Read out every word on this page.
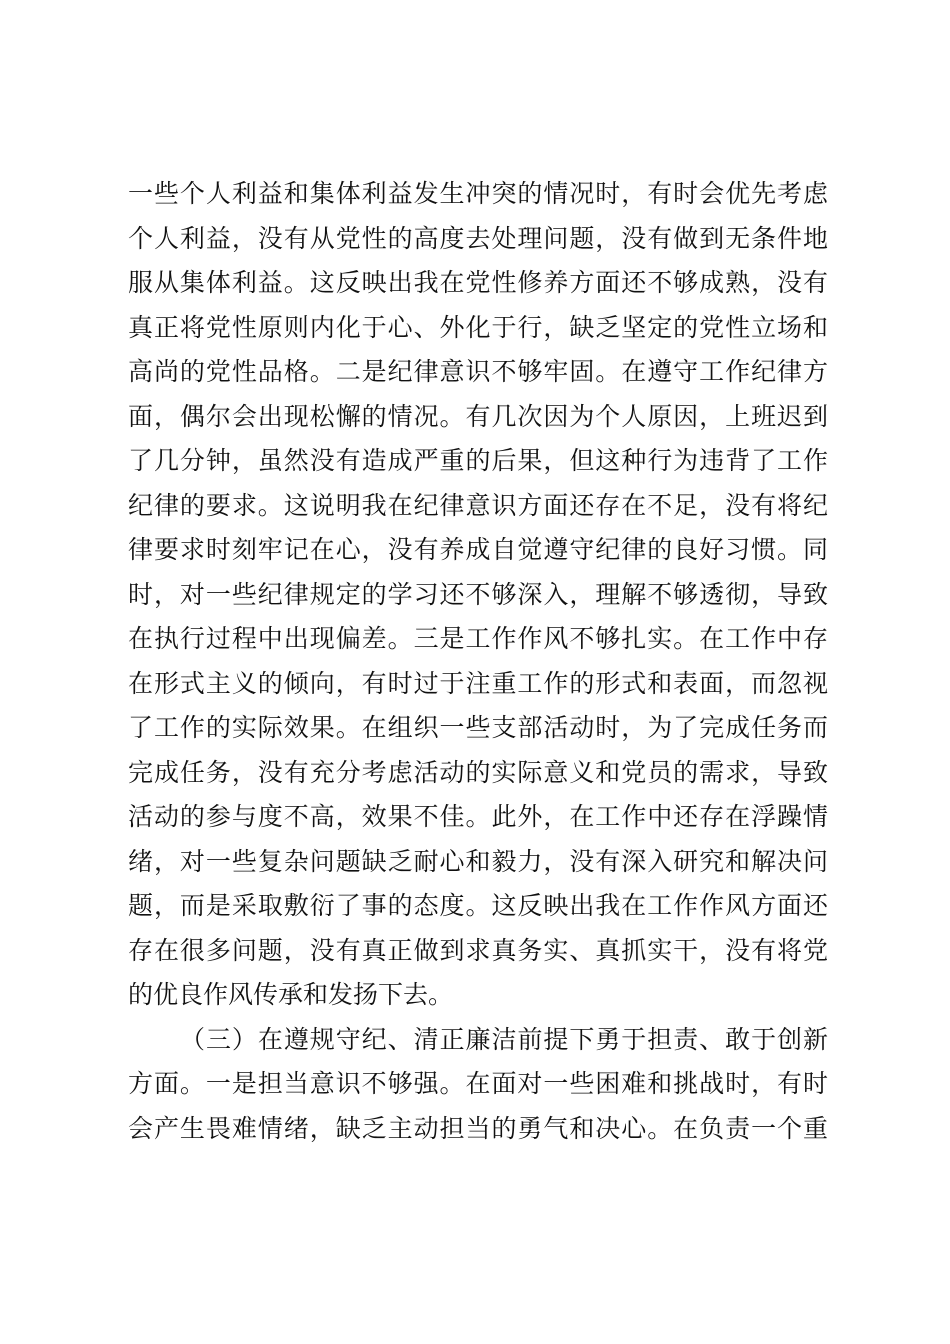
一些个人利益和集体利益发生冲突的情况时，有时会优先考虑
个人利益，没有从党性的高度去处理问题，没有做到无条件地
服从集体利益。这反映出我在党性修养方面还不够成熟，没有
真正将党性原则内化于心、外化于行，缺乏坚定的党性立场和
高尚的党性品格。二是纪律意识不够牢固。在遵守工作纪律方
面，偶尔会出现松懈的情况。有几次因为个人原因，上班迟到
了几分钟，虽然没有造成严重的后果，但这种行为违背了工作
纪律的要求。这说明我在纪律意识方面还存在不足，没有将纪
律要求时刻牢记在心，没有养成自觉遵守纪律的良好习惯。同
时，对一些纪律规定的学习还不够深入，理解不够透彻，导致
在执行过程中出现偏差。三是工作作风不够扎实。在工作中存
在形式主义的倾向，有时过于注重工作的形式和表面，而忽视
了工作的实际效果。在组织一些支部活动时，为了完成任务而
完成任务，没有充分考虑活动的实际意义和党员的需求，导致
活动的参与度不高，效果不佳。此外，在工作中还存在浮躁情
绪，对一些复杂问题缺乏耐心和毅力，没有深入研究和解决问
题，而是采取敷衍了事的态度。这反映出我在工作作风方面还
存在很多问题，没有真正做到求真务实、真抓实干，没有将党
的优良作风传承和发扬下去。
（三）在遵规守纪、清正廉洁前提下勇于担责、敢于创新
方面。一是担当意识不够强。在面对一些困难和挑战时，有时
会产生畏难情绪，缺乏主动担当的勇气和决心。在负责一个重
